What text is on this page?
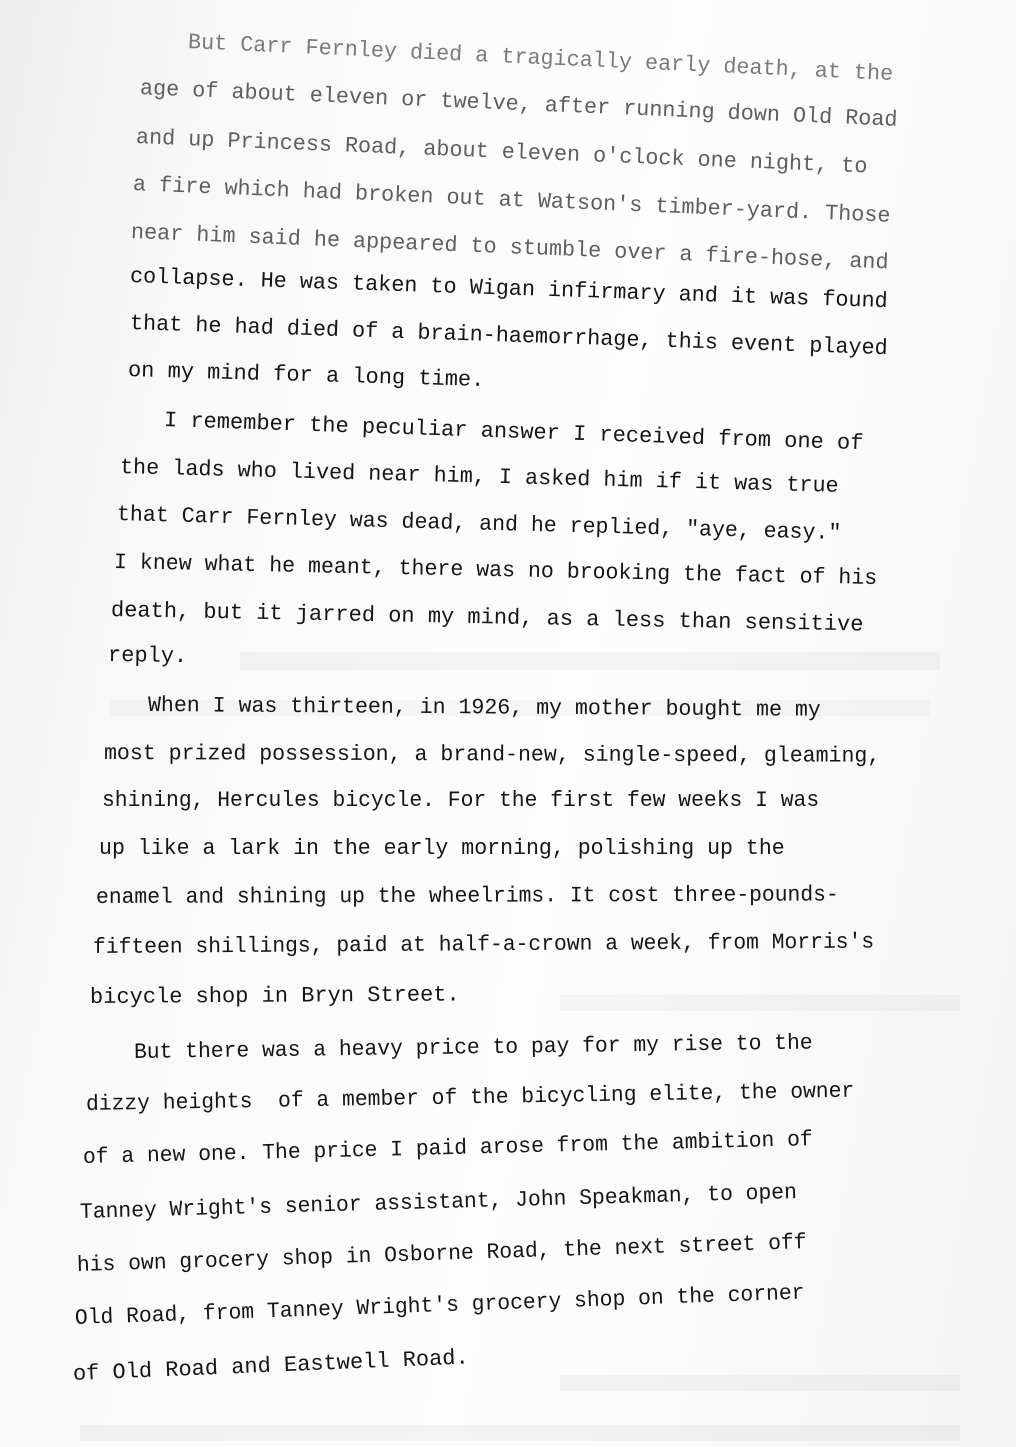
But Carr Fernley died a tragically early death, at the
age of about eleven or twelve, after running down Old Road
and up Princess Road, about eleven o'clock one night, to
a fire which had broken out at Watson's timber-yard. Those
near him said he appeared to stumble over a fire-hose, and
collapse. He was taken to Wigan infirmary and it was found
that he had died of a brain-haemorrhage, this event played
on my mind for a long time.
I remember the peculiar answer I received from one of
the lads who lived near him, I asked him if it was true
that Carr Fernley was dead, and he replied, "aye, easy."
I knew what he meant, there was no brooking the fact of his
death, but it jarred on my mind, as a less than sensitive
reply.
When I was thirteen, in 1926, my mother bought me my
most prized possession, a brand-new, single-speed, gleaming,
shining, Hercules bicycle. For the first few weeks I was
up like a lark in the early morning, polishing up the
enamel and shining up the wheelrims. It cost three-pounds-
fifteen shillings, paid at half-a-crown a week, from Morris's
bicycle shop in Bryn Street.
But there was a heavy price to pay for my rise to the
dizzy heights  of a member of the bicycling elite, the owner
of a new one. The price I paid arose from the ambition of
Tanney Wright's senior assistant, John Speakman, to open
his own grocery shop in Osborne Road, the next street off
Old Road, from Tanney Wright's grocery shop on the corner
of Old Road and Eastwell Road.
